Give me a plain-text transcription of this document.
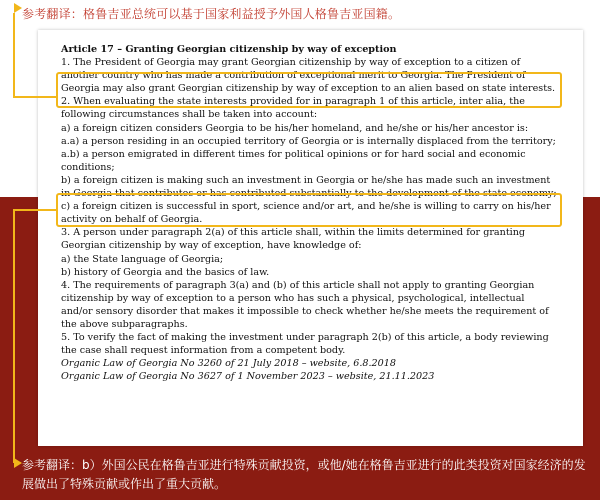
参考翻译：格鲁吉亚总统可以基于国家利益授予外国人格鲁吉亚国籍。
Article 17 – Granting Georgian citizenship by way of exception
1. The President of Georgia may grant Georgian citizenship by way of exception to a citizen of
another country who has made a contribution of exceptional merit to Georgia. The President of
Georgia may also grant Georgian citizenship by way of exception to an alien based on state interests.
2. When evaluating the state interests provided for in paragraph 1 of this article, inter alia, the
following circumstances shall be taken into account:
a) a foreign citizen considers Georgia to be his/her homeland, and he/she or his/her ancestor is:
a.a) a person residing in an occupied territory of Georgia or is internally displaced from the territory;
a.b) a person emigrated in different times for political opinions or for hard social and economic
conditions;
b) a foreign citizen is making such an investment in Georgia or he/she has made such an investment
in Georgia that contributes or has contributed substantially to the development of the state economy;
c) a foreign citizen is successful in sport, science and/or art, and he/she is willing to carry on his/her
activity on behalf of Georgia.
3. A person under paragraph 2(a) of this article shall, within the limits determined for granting
Georgian citizenship by way of exception, have knowledge of:
a) the State language of Georgia;
b) history of Georgia and the basics of law.
4. The requirements of paragraph 3(a) and (b) of this article shall not apply to granting Georgian
citizenship by way of exception to a person who has such a physical, psychological, intellectual
and/or sensory disorder that makes it impossible to check whether he/she meets the requirement of
the above subparagraphs.
5. To verify the fact of making the investment under paragraph 2(b) of this article, a body reviewing
the case shall request information from a competent body.
Organic Law of Georgia No 3260 of 21 July 2018 – website, 6.8.2018
Organic Law of Georgia No 3627 of 1 November 2023 – website, 21.11.2023
参考翻译：b）外国公民在格鲁吉亚进行特殊贡献投资，或他/她在格鲁吉亚进行的此类投资对国家经济的发展做出了特殊贡献或作出了重大贡献。
